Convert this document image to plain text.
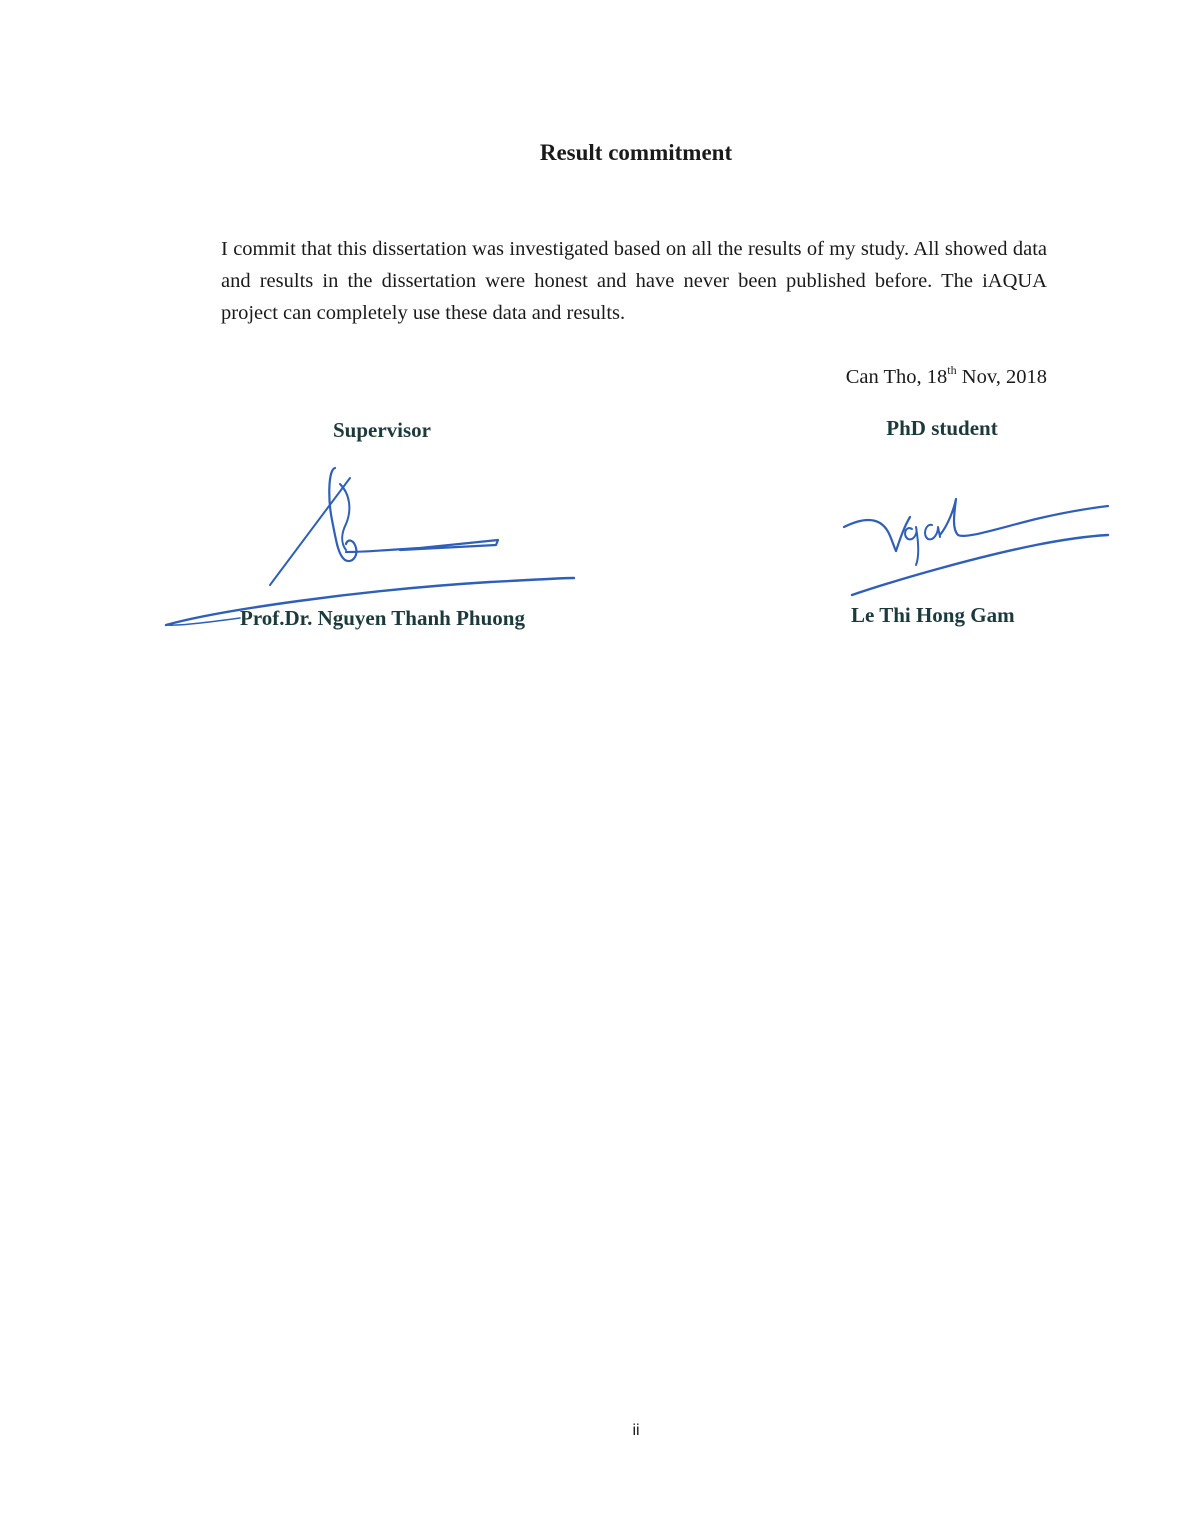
Result commitment

I commit that this dissertation was investigated based on all the results of my study. All showed data and results in the dissertation were honest and have never been published before. The iAQUA project can completely use these data and results.

Can Tho, 18th Nov, 2018
Supervisor	PhD student
Prof.Dr. Nguyen Thanh Phuong	Le Thi Hong Gam
ii
